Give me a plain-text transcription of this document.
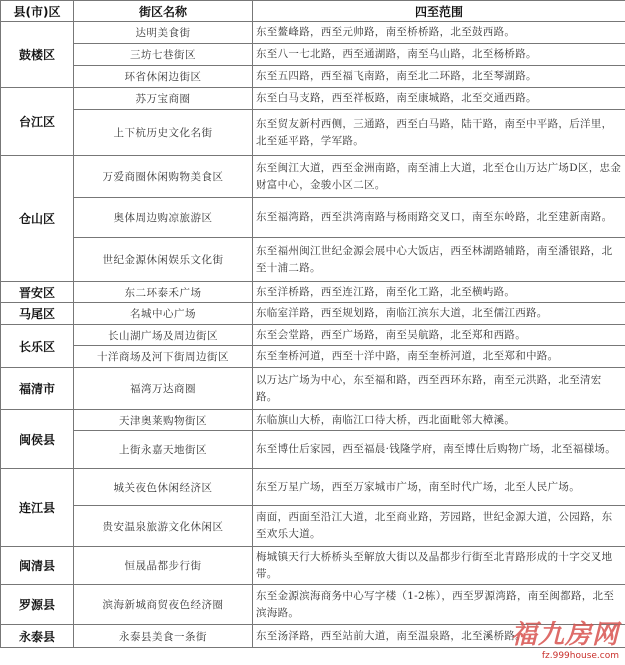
县(市)区	街区名称	四至范围
鼓楼区	达明美食街	东至鳌峰路，西至元帅路，南至桥桥路，北至鼓西路。
	三坊七巷街区	东至八一七北路，西至通湖路，南至乌山路，北至杨桥路。
	环省休闲边街区	东至五四路，西至福飞南路，南至北二环路，北至琴湖路。
台江区	苏万宝商圈	东至白马支路，西至祥板路，南至康城路，北至交通西路。
	上下杭历史文化名街	东至贸友新村西侧，三通路，西至白马路，陆干路，南至中平路，后洋里，北至延平路，学军路。
仓山区	万爱商圈休闲购物美食区	东至闽江大道，西至金洲南路，南至浦上大道，北至仓山万达广场D区，忠金财富中心，金骏小区二区。
	奥体周边购凉旅游区	东至福湾路，西至洪湾南路与杨雨路交叉口，南至东岭路，北至建新南路。
	世纪金源休闲娱乐文化街	东至福州闽江世纪金源会展中心大饭店，西至林湖路辅路，南至潘银路，北至十浦二路。
晋安区	东二环泰禾广场	东至洋桥路，西至连江路，南至化工路，北至横屿路。
马尾区	名城中心广场	东临室洋路，西至规划路，南临江滨东大道，北至儒江西路。
长乐区	长山湖广场及周边街区	东至会堂路，西至广场路，南至吴航路，北至郑和西路。
	十洋商场及河下街周边街区	东至奎桥河道，西至十洋中路，南至奎桥河道，北至郑和中路。
福清市	福湾万达商圈	以万达广场为中心，东至福和路，西至西环东路，南至元洪路，北至清宏路。
闽侯县	天津奥莱购物街区	东临旗山大桥，南临江口待大桥，西北面毗邻大樟溪。
	上街永嘉天地街区	东至博仕后家园，西至福晨·钱隆学府，南至博仕后购物广场，北至福様场。
连江县	城关夜色休闲经济区	东至万星广场，西至万家城市广场，南至时代广场，北至人民广场。
	贵安温泉旅游文化休闲区	南面，西面至沿江大道，北至商业路，芳园路，世纪金源大道，公园路，东至欢乐大道。
闽清县	恒晟晶都步行街	梅城镇天行大桥桥头至解放大街以及晶都步行街至北青路形成的十字交叉地带。
罗源县	滨海新城商贸夜色经济圈	东至金源滨海商务中心写字楼（1-2栋），西至罗源湾路，南至闽都路，北至滨海路。
永泰县	永泰县美食一条街	东至汤泽路，西至站前大道，南至温泉路，北至溪桥路。
福九房网
fz.999house.com
